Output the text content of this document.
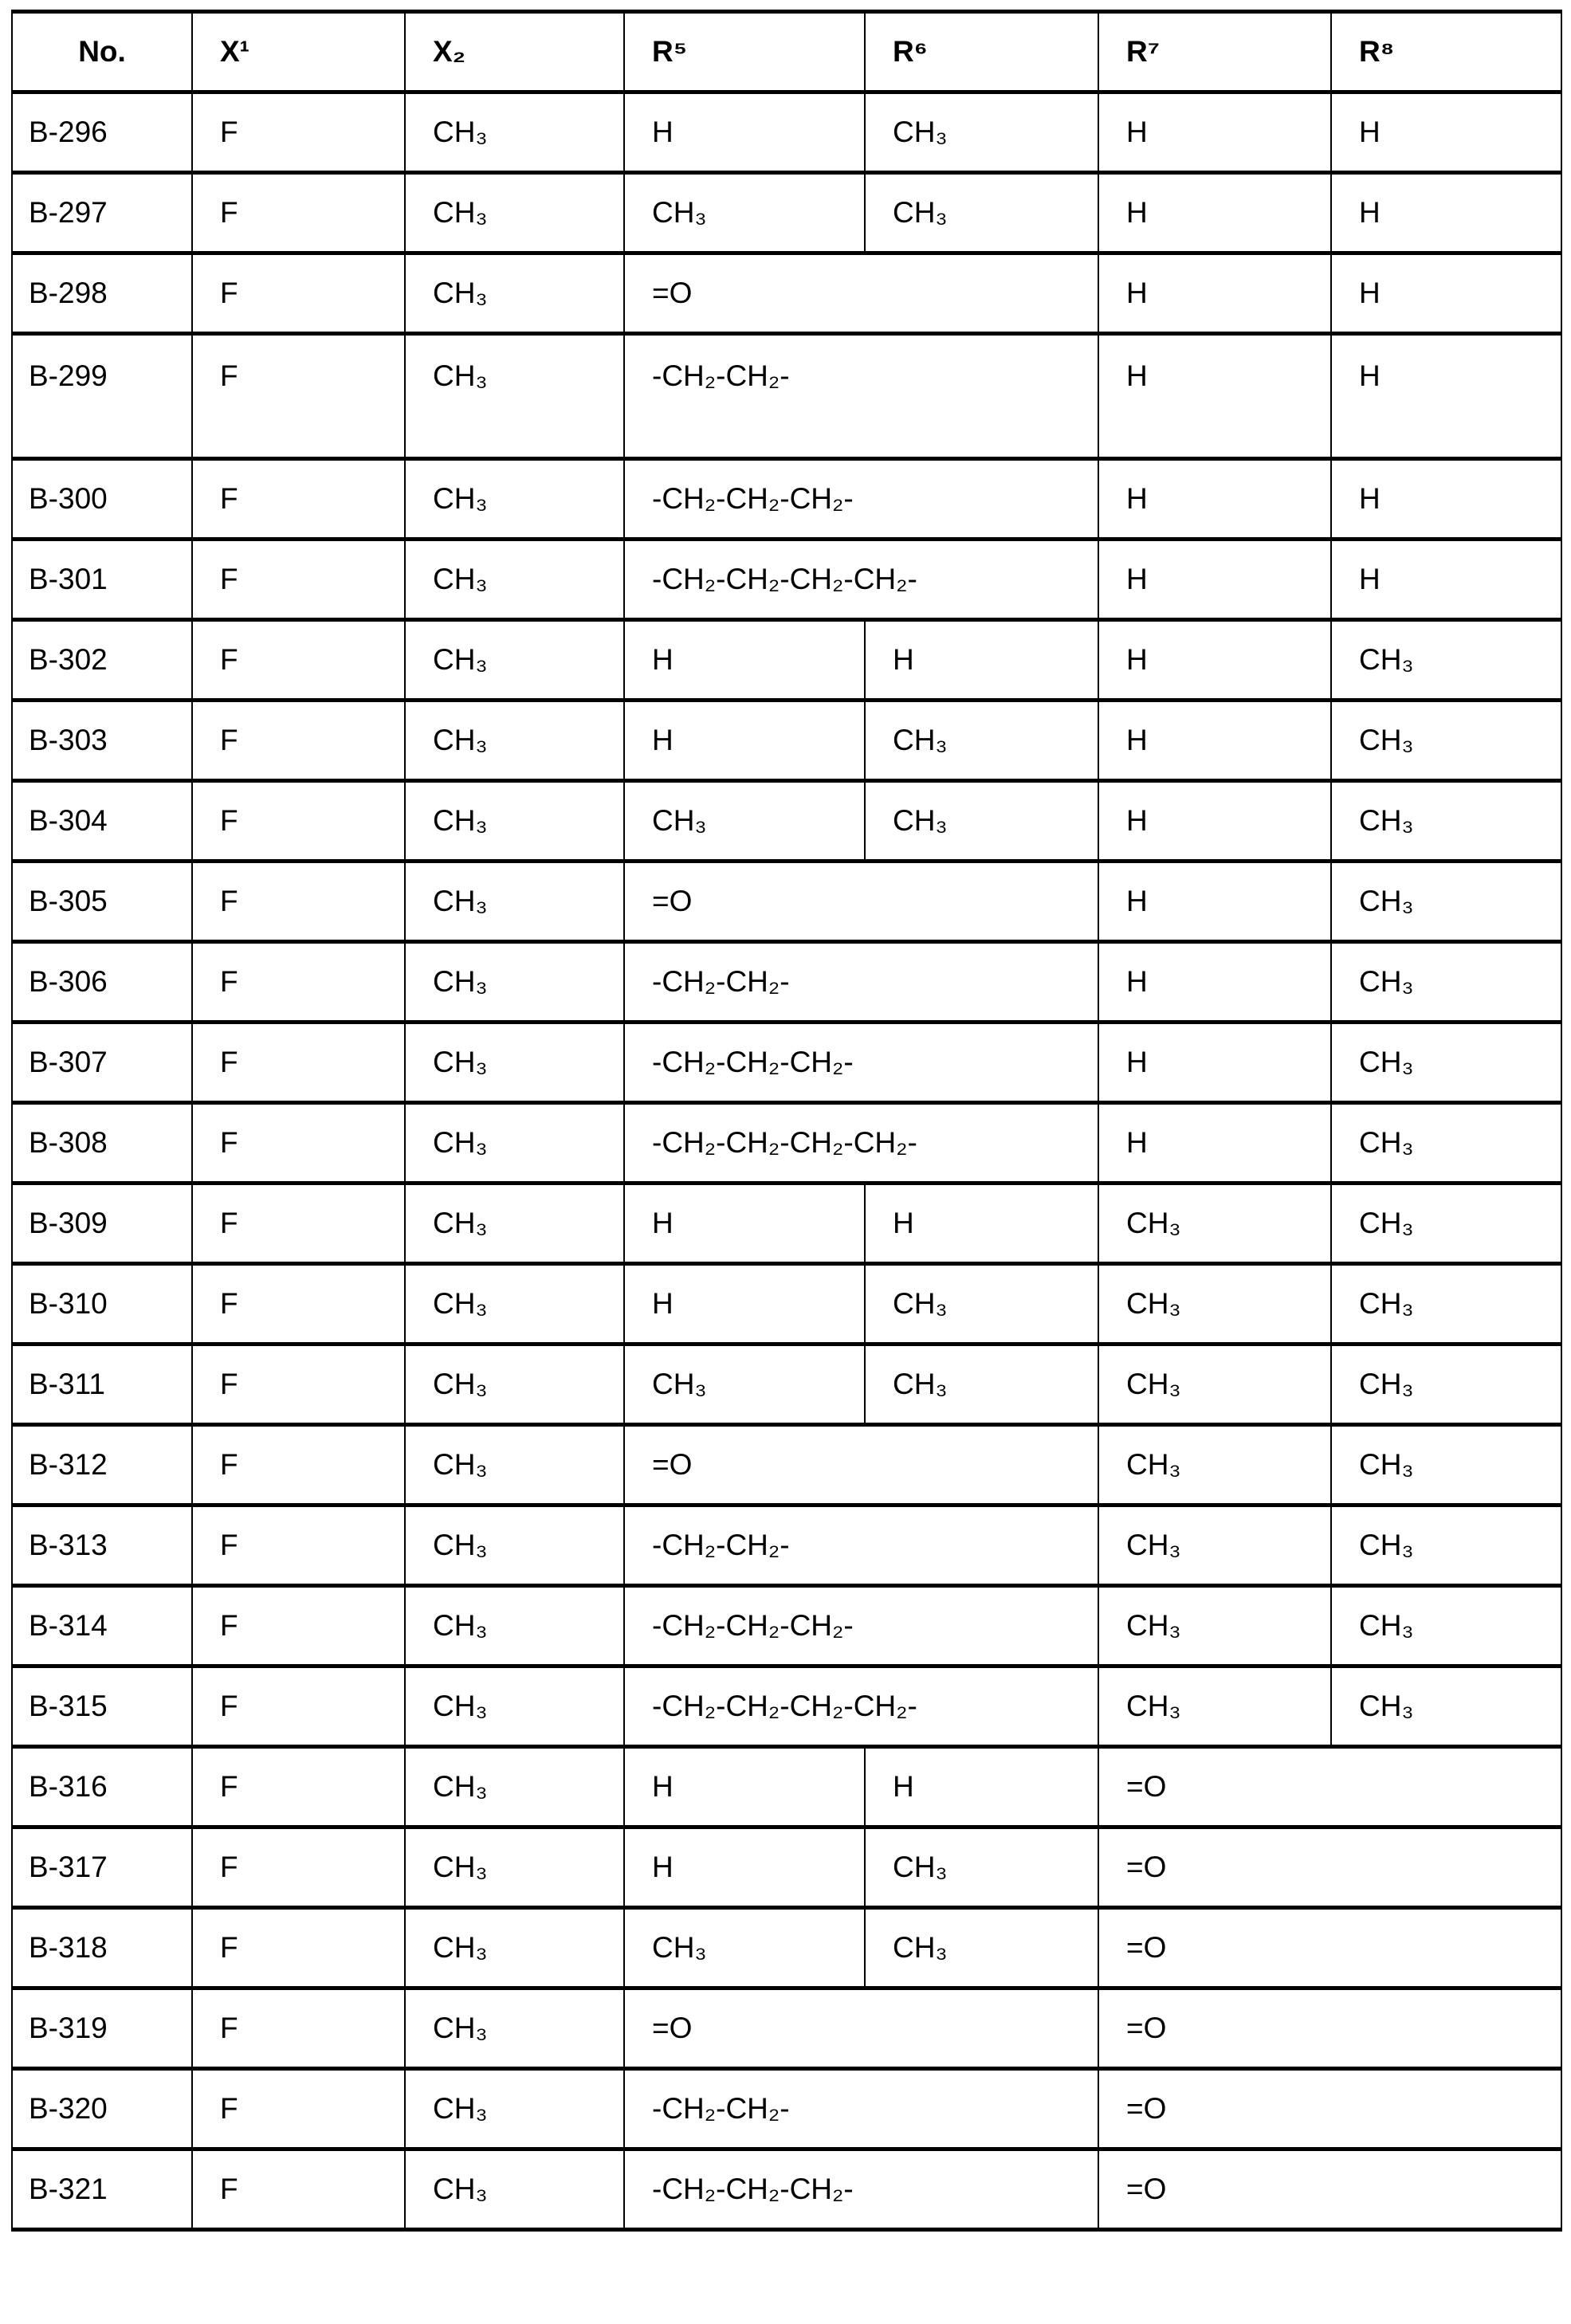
No.	X¹	X₂	R⁵	R⁶	R⁷	R⁸
B-296	F	CH₃	H	CH₃	H	H
B-297	F	CH₃	CH₃	CH₃	H	H
B-298	F	CH₃	=O	H	H
B-299	F	CH₃	-CH₂-CH₂-	H	H
B-300	F	CH₃	-CH₂-CH₂-CH₂-	H	H
B-301	F	CH₃	-CH₂-CH₂-CH₂-CH₂-	H	H
B-302	F	CH₃	H	H	H	CH₃
B-303	F	CH₃	H	CH₃	H	CH₃
B-304	F	CH₃	CH₃	CH₃	H	CH₃
B-305	F	CH₃	=O	H	CH₃
B-306	F	CH₃	-CH₂-CH₂-	H	CH₃
B-307	F	CH₃	-CH₂-CH₂-CH₂-	H	CH₃
B-308	F	CH₃	-CH₂-CH₂-CH₂-CH₂-	H	CH₃
B-309	F	CH₃	H	H	CH₃	CH₃
B-310	F	CH₃	H	CH₃	CH₃	CH₃
B-311	F	CH₃	CH₃	CH₃	CH₃	CH₃
B-312	F	CH₃	=O	CH₃	CH₃
B-313	F	CH₃	-CH₂-CH₂-	CH₃	CH₃
B-314	F	CH₃	-CH₂-CH₂-CH₂-	CH₃	CH₃
B-315	F	CH₃	-CH₂-CH₂-CH₂-CH₂-	CH₃	CH₃
B-316	F	CH₃	H	H	=O
B-317	F	CH₃	H	CH₃	=O
B-318	F	CH₃	CH₃	CH₃	=O
B-319	F	CH₃	=O	=O
B-320	F	CH₃	-CH₂-CH₂-	=O
B-321	F	CH₃	-CH₂-CH₂-CH₂-	=O
